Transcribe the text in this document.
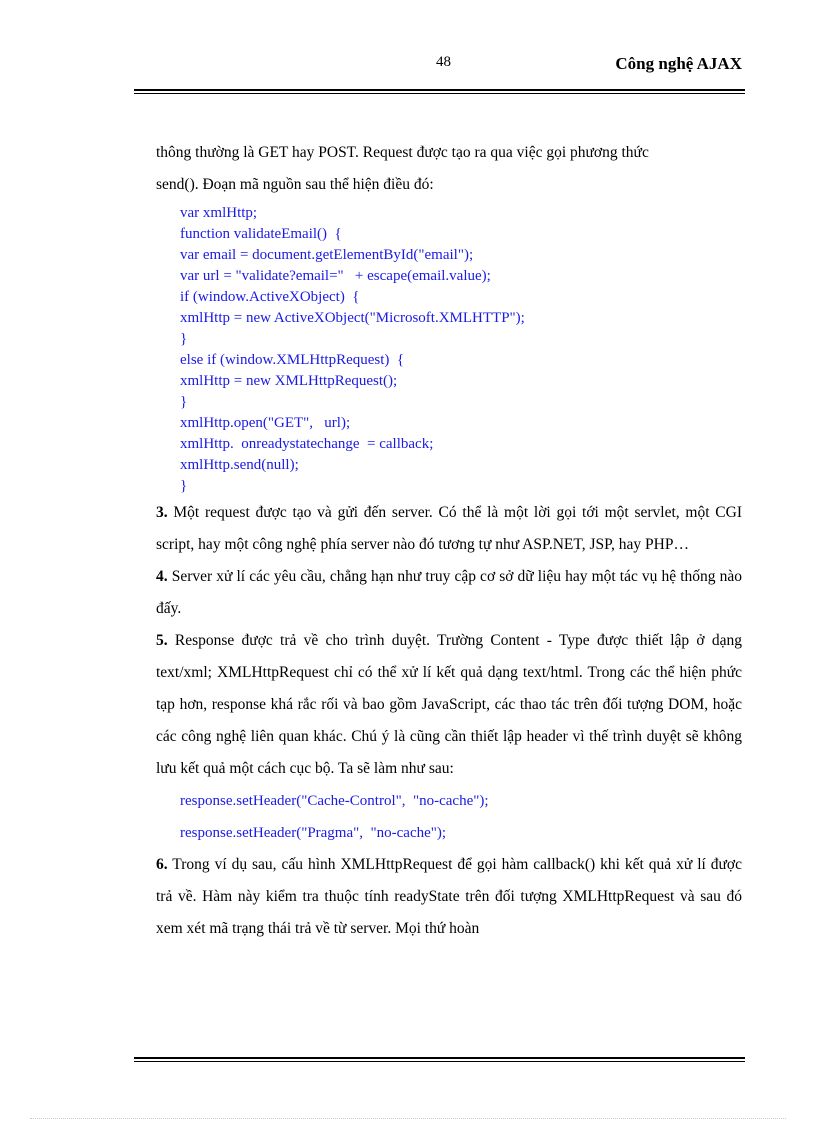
48	Công nghệ AJAX

thông thường là GET hay POST. Request được tạo ra qua việc gọi phương thức
send(). Đoạn mã nguồn sau thể hiện điều đó:

var xmlHttp;
function validateEmail()  {
var email = document.getElementById("email");
var url = "validate?email="   + escape(email.value);
if (window.ActiveXObject)  {
xmlHttp = new ActiveXObject("Microsoft.XMLHTTP");
}
else if (window.XMLHttpRequest)  {
xmlHttp = new XMLHttpRequest();
}
xmlHttp.open("GET",   url);
xmlHttp.  onreadystatechange  = callback;
xmlHttp.send(null);
}

3. Một request được tạo và gửi đến server. Có thể là một lời gọi tới một servlet, một CGI script, hay một công nghệ phía server nào đó tương tự như ASP.NET, JSP, hay PHP…

4. Server xử lí các yêu cầu, chẳng hạn như truy cập cơ sở dữ liệu hay một tác vụ hệ thống nào đấy.

5. Response được trả về cho trình duyệt. Trường Content - Type được thiết lập ở dạng text/xml; XMLHttpRequest chỉ có thể xử lí kết quả dạng text/html. Trong các thể hiện phức tạp hơn, response khá rắc rối và bao gồm JavaScript, các thao tác trên đối tượng DOM, hoặc các công nghệ liên quan khác. Chú ý là cũng cần thiết lập header vì thế trình duyệt sẽ không lưu kết quả một cách cục bộ. Ta sẽ làm như sau:

response.setHeader("Cache-Control",  "no-cache");
response.setHeader("Pragma",  "no-cache");

6. Trong ví dụ sau, cấu hình XMLHttpRequest để gọi hàm callback() khi kết quả xử lí được trả về. Hàm này kiểm tra thuộc tính readyState trên đối tượng XMLHttpRequest và sau đó xem xét mã trạng thái trả về từ server. Mọi thứ hoàn
